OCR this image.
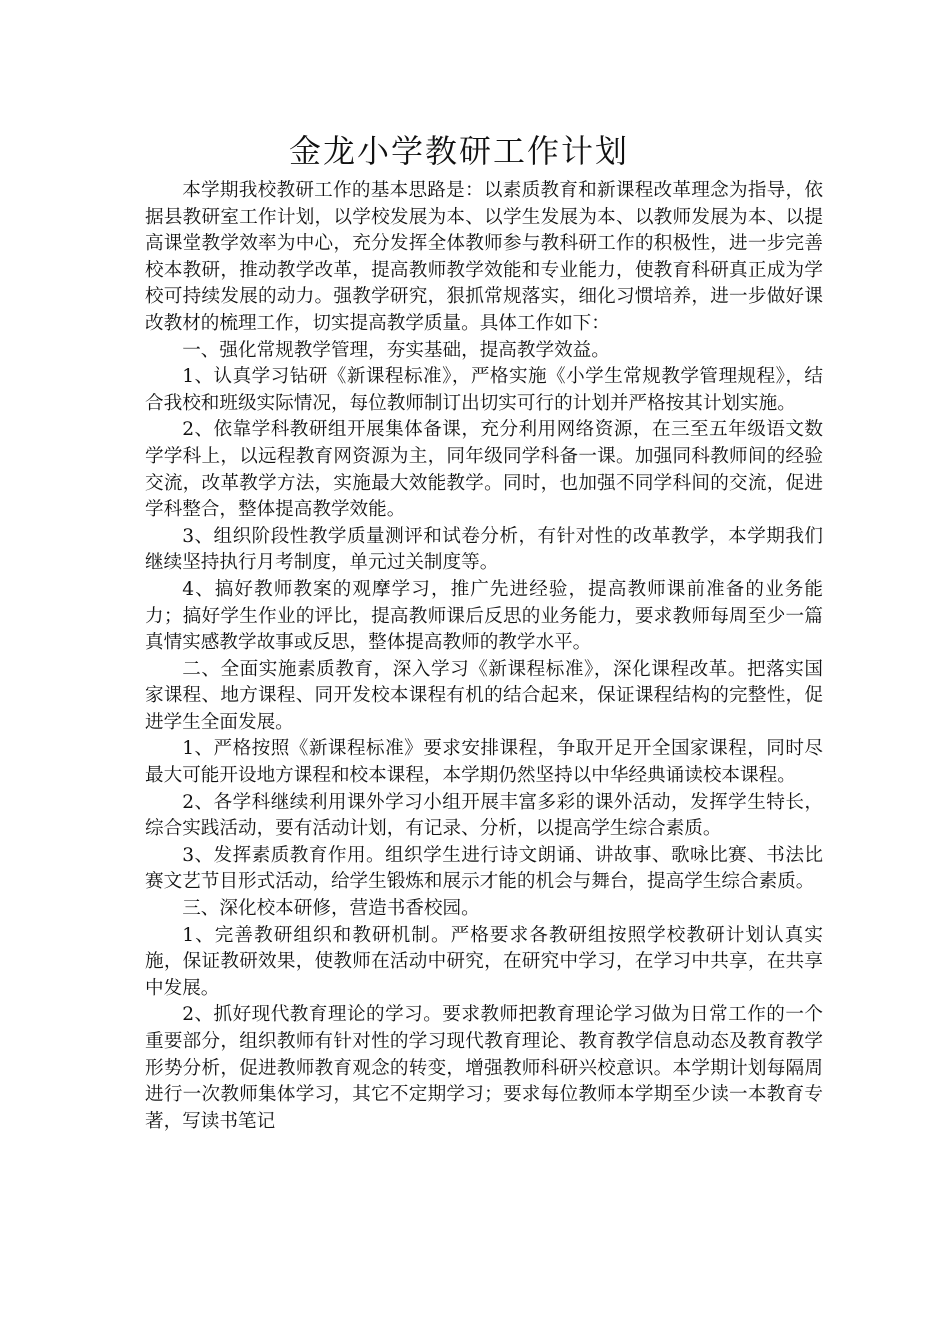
金龙小学教研工作计划

本学期我校教研工作的基本思路是：以素质教育和新课程改革理念为指导，依据县教研室工作计划，以学校发展为本、以学生发展为本、以教师发展为本、以提高课堂教学效率为中心，充分发挥全体教师参与教科研工作的积极性，进一步完善校本教研，推动教学改革，提高教师教学效能和专业能力，使教育科研真正成为学校可持续发展的动力。强教学研究，狠抓常规落实，细化习惯培养，进一步做好课改教材的梳理工作，切实提高教学质量。具体工作如下：

一、强化常规教学管理，夯实基础，提高教学效益。

1、认真学习钻研《新课程标准》，严格实施《小学生常规教学管理规程》，结合我校和班级实际情况，每位教师制订出切实可行的计划并严格按其计划实施。

2、依靠学科教研组开展集体备课，充分利用网络资源，在三至五年级语文数学学科上，以远程教育网资源为主，同年级同学科备一课。加强同科教师间的经验交流，改革教学方法，实施最大效能教学。同时，也加强不同学科间的交流，促进学科整合，整体提高教学效能。

3、组织阶段性教学质量测评和试卷分析，有针对性的改革教学，本学期我们继续坚持执行月考制度，单元过关制度等。

4、搞好教师教案的观摩学习，推广先进经验，提高教师课前准备的业务能力；搞好学生作业的评比，提高教师课后反思的业务能力，要求教师每周至少一篇真情实感教学故事或反思，整体提高教师的教学水平。

二、全面实施素质教育，深入学习《新课程标准》，深化课程改革。把落实国家课程、地方课程、同开发校本课程有机的结合起来，保证课程结构的完整性，促进学生全面发展。

1、严格按照《新课程标准》要求安排课程，争取开足开全国家课程，同时尽最大可能开设地方课程和校本课程，本学期仍然坚持以中华经典诵读校本课程。

2、各学科继续利用课外学习小组开展丰富多彩的课外活动，发挥学生特长，综合实践活动，要有活动计划，有记录、分析，以提高学生综合素质。

3、发挥素质教育作用。组织学生进行诗文朗诵、讲故事、歌咏比赛、书法比赛文艺节目形式活动，给学生锻炼和展示才能的机会与舞台，提高学生综合素质。

三、深化校本研修，营造书香校园。

1、完善教研组织和教研机制。严格要求各教研组按照学校教研计划认真实施，保证教研效果，使教师在活动中研究，在研究中学习，在学习中共享，在共享中发展。

2、抓好现代教育理论的学习。要求教师把教育理论学习做为日常工作的一个重要部分，组织教师有针对性的学习现代教育理论、教育教学信息动态及教育教学形势分析，促进教师教育观念的转变，增强教师科研兴校意识。本学期计划每隔周进行一次教师集体学习，其它不定期学习；要求每位教师本学期至少读一本教育专著，写读书笔记
